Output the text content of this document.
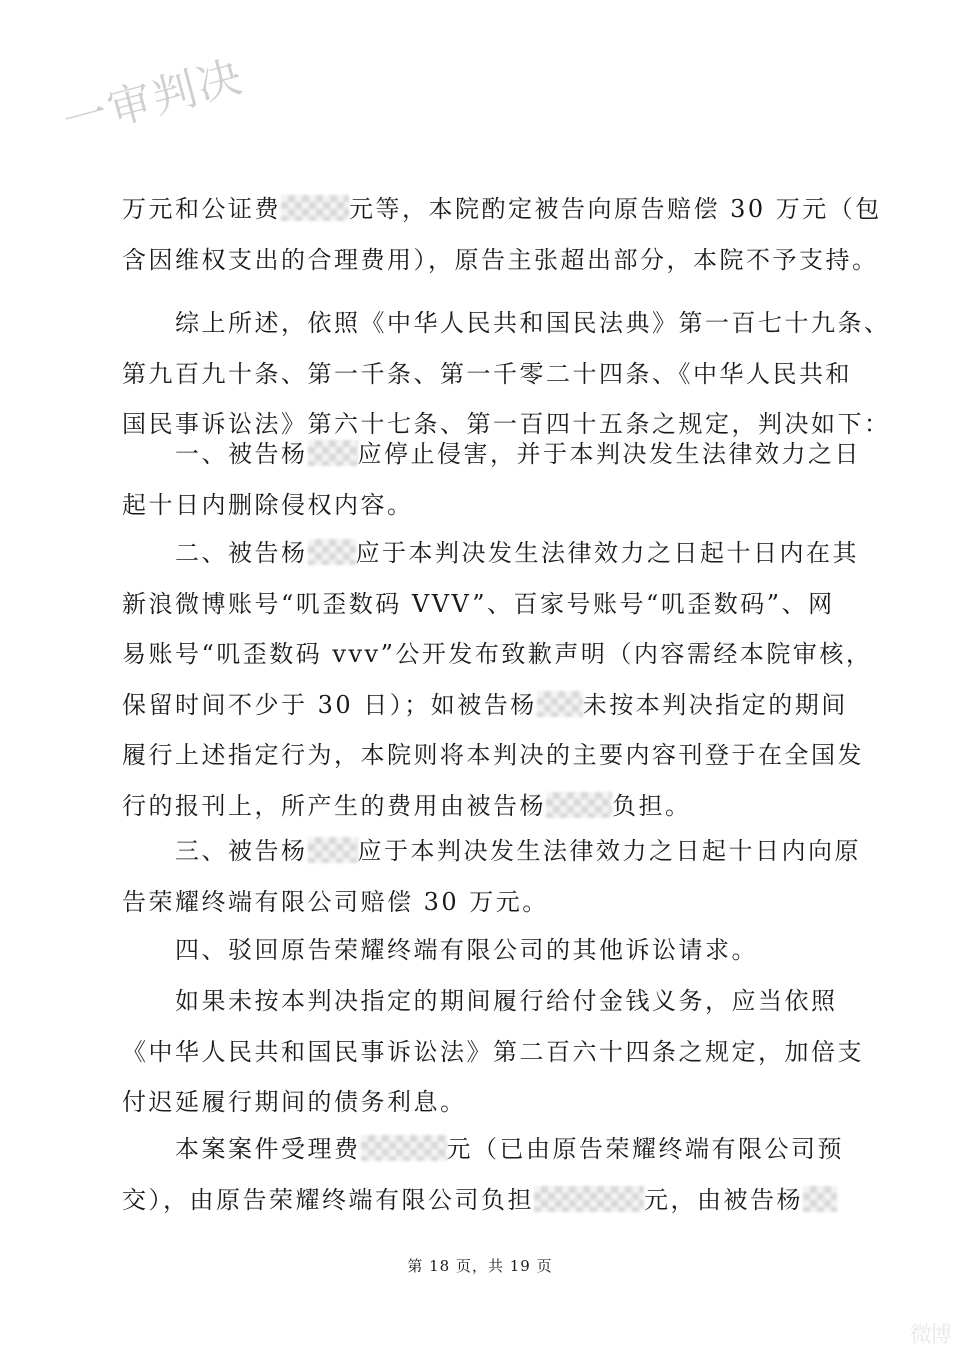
一审判决
万元和公证费	元等，本院酌定被告向原告赔偿 30 万元（包
含因维权支出的合理费用），原告主张超出部分，本院不予支持。
综上所述，依照《中华人民共和国民法典》第一百七十九条、
第九百九十条、第一千条、第一千零二十四条、《中华人民共和
国民事诉讼法》第六十七条、第一百四十五条之规定，判决如下：
一、被告杨 应停止侵害，并于本判决发生法律效力之日
起十日内删除侵权内容。
二、被告杨 应于本判决发生法律效力之日起十日内在其
新浪微博账号“叽歪数码 VVV”、百家号账号“叽歪数码”、网
易账号“叽歪数码 vvv”公开发布致歉声明（内容需经本院审核，
保留时间不少于 30 日）；如被告杨 未按本判决指定的期间
履行上述指定行为，本院则将本判决的主要内容刊登于在全国发
行的报刊上，所产生的费用由被告杨	负担。
三、被告杨 应于本判决发生法律效力之日起十日内向原
告荣耀终端有限公司赔偿 30 万元。
四、驳回原告荣耀终端有限公司的其他诉讼请求。
如果未按本判决指定的期间履行给付金钱义务，应当依照
《中华人民共和国民事诉讼法》第二百六十四条之规定，加倍支
付迟延履行期间的债务利息。
本案案件受理费	元（已由原告荣耀终端有限公司预
交），由原告荣耀终端有限公司负担	元，由被告杨
第 18 页，共 19 页
微博
